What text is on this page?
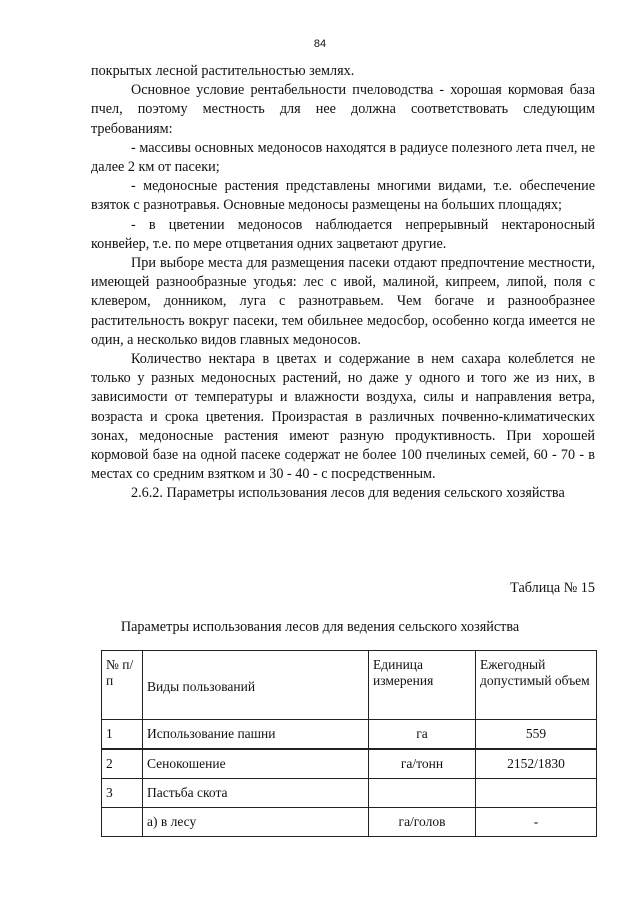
84

покрытых лесной растительностью землях.

Основное условие рентабельности пчеловодства - хорошая кормовая база пчел, поэтому местность для нее должна соответствовать следующим требованиям:

- массивы основных медоносов находятся в радиусе полезного лета пчел, не далее 2 км от пасеки;

- медоносные растения представлены многими видами, т.е. обеспечение взяток с разнотравья. Основные медоносы размещены на больших площадях;

- в цветении медоносов наблюдается непрерывный нектароносный конвейер, т.е. по мере отцветания одних зацветают другие.

При выборе места для размещения пасеки отдают предпочтение местности, имеющей разнообразные угодья: лес с ивой, малиной, кипреем, липой, поля с клевером, донником, луга с разнотравьем. Чем богаче и разнообразнее растительность вокруг пасеки, тем обильнее медосбор, особенно когда имеется не один, а несколько видов главных медоносов.

Количество нектара в цветах и содержание в нем сахара колеблется не только у разных медоносных растений, но даже у одного и того же из них, в зависимости от температуры и влажности воздуха, силы и направления ветра, возраста и срока цветения. Произрастая в различных почвенно-климатических зонах, медоносные растения имеют разную продуктивность. При хорошей кормовой базе на одной пасеке содержат не более 100 пчелиных семей, 60 - 70 - в местах со средним взятком и 30 - 40 - с посредственным.

2.6.2. Параметры использования лесов для ведения сельского хозяйства

Таблица № 15
Параметры использования лесов для ведения сельского хозяйства
№ п/п	Виды пользований	Единица измерения	Ежегодный допустимый объем
1	Использование пашни	га	559
2	Сенокошение	га/тонн	2152/1830
3	Пастьба скота		
	а) в лесу	га/голов	-
